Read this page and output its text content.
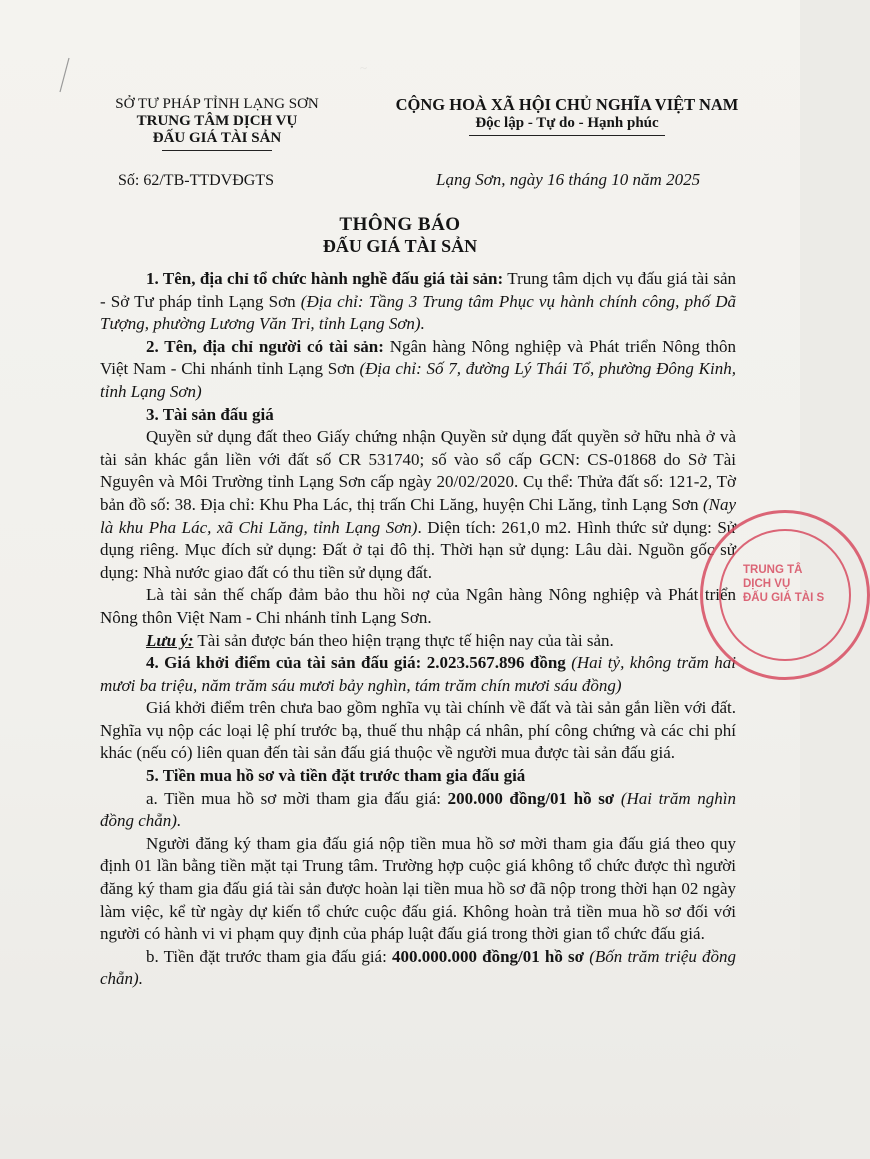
~
SỞ TƯ PHÁP TỈNH LẠNG SƠN
TRUNG TÂM DỊCH VỤ
ĐẤU GIÁ TÀI SẢN
CỘNG HOÀ XÃ HỘI CHỦ NGHĨA VIỆT NAM
Độc lập - Tự do - Hạnh phúc
Số: 62/TB-TTDVĐGTS	Lạng Sơn, ngày 16 tháng 10 năm 2025
THÔNG BÁO
ĐẤU GIÁ TÀI SẢN

1. Tên, địa chỉ tổ chức hành nghề đấu giá tài sản: Trung tâm dịch vụ đấu giá tài sản - Sở Tư pháp tỉnh Lạng Sơn (Địa chỉ: Tầng 3 Trung tâm Phục vụ hành chính công, phố Dã Tượng, phường Lương Văn Tri, tỉnh Lạng Sơn).

2. Tên, địa chỉ người có tài sản: Ngân hàng Nông nghiệp và Phát triển Nông thôn Việt Nam - Chi nhánh tỉnh Lạng Sơn (Địa chỉ: Số 7, đường Lý Thái Tổ, phường Đông Kinh, tỉnh Lạng Sơn)

3. Tài sản đấu giá

Quyền sử dụng đất theo Giấy chứng nhận Quyền sử dụng đất quyền sở hữu nhà ở và tài sản khác gắn liền với đất số CR 531740; số vào sổ cấp GCN: CS-01868 do Sở Tài Nguyên và Môi Trường tỉnh Lạng Sơn cấp ngày 20/02/2020. Cụ thể: Thửa đất số: 121-2, Tờ bản đồ số: 38. Địa chỉ: Khu Pha Lác, thị trấn Chi Lăng, huyện Chi Lăng, tỉnh Lạng Sơn (Nay là khu Pha Lác, xã Chi Lăng, tỉnh Lạng Sơn). Diện tích: 261,0 m2. Hình thức sử dụng: Sử dụng riêng. Mục đích sử dụng: Đất ở tại đô thị. Thời hạn sử dụng: Lâu dài. Nguồn gốc sử dụng: Nhà nước giao đất có thu tiền sử dụng đất.

Là tài sản thế chấp đảm bảo thu hồi nợ của Ngân hàng Nông nghiệp và Phát triển Nông thôn Việt Nam - Chi nhánh tỉnh Lạng Sơn.

Lưu ý: Tài sản được bán theo hiện trạng thực tế hiện nay của tài sản.

4. Giá khởi điểm của tài sản đấu giá: 2.023.567.896 đồng (Hai tỷ, không trăm hai mươi ba triệu, năm trăm sáu mươi bảy nghìn, tám trăm chín mươi sáu đồng)

Giá khởi điểm trên chưa bao gồm nghĩa vụ tài chính về đất và tài sản gắn liền với đất. Nghĩa vụ nộp các loại lệ phí trước bạ, thuế thu nhập cá nhân, phí công chứng và các chi phí khác (nếu có) liên quan đến tài sản đấu giá thuộc về người mua được tài sản đấu giá.

5. Tiền mua hồ sơ và tiền đặt trước tham gia đấu giá

a. Tiền mua hồ sơ mời tham gia đấu giá: 200.000 đồng/01 hồ sơ (Hai trăm nghìn đồng chẵn).

Người đăng ký tham gia đấu giá nộp tiền mua hồ sơ mời tham gia đấu giá theo quy định 01 lần bằng tiền mặt tại Trung tâm. Trường hợp cuộc giá không tổ chức được thì người đăng ký tham gia đấu giá tài sản được hoàn lại tiền mua hồ sơ đã nộp trong thời hạn 02 ngày làm việc, kể từ ngày dự kiến tổ chức cuộc đấu giá. Không hoàn trả tiền mua hồ sơ đối với người có hành vi vi phạm quy định của pháp luật đấu giá trong thời gian tổ chức đấu giá.

b. Tiền đặt trước tham gia đấu giá: 400.000.000 đồng/01 hồ sơ (Bốn trăm triệu đồng chẵn).

TRUNG TÂ
DỊCH VỤ
ĐẤU GIÁ TÀI S
